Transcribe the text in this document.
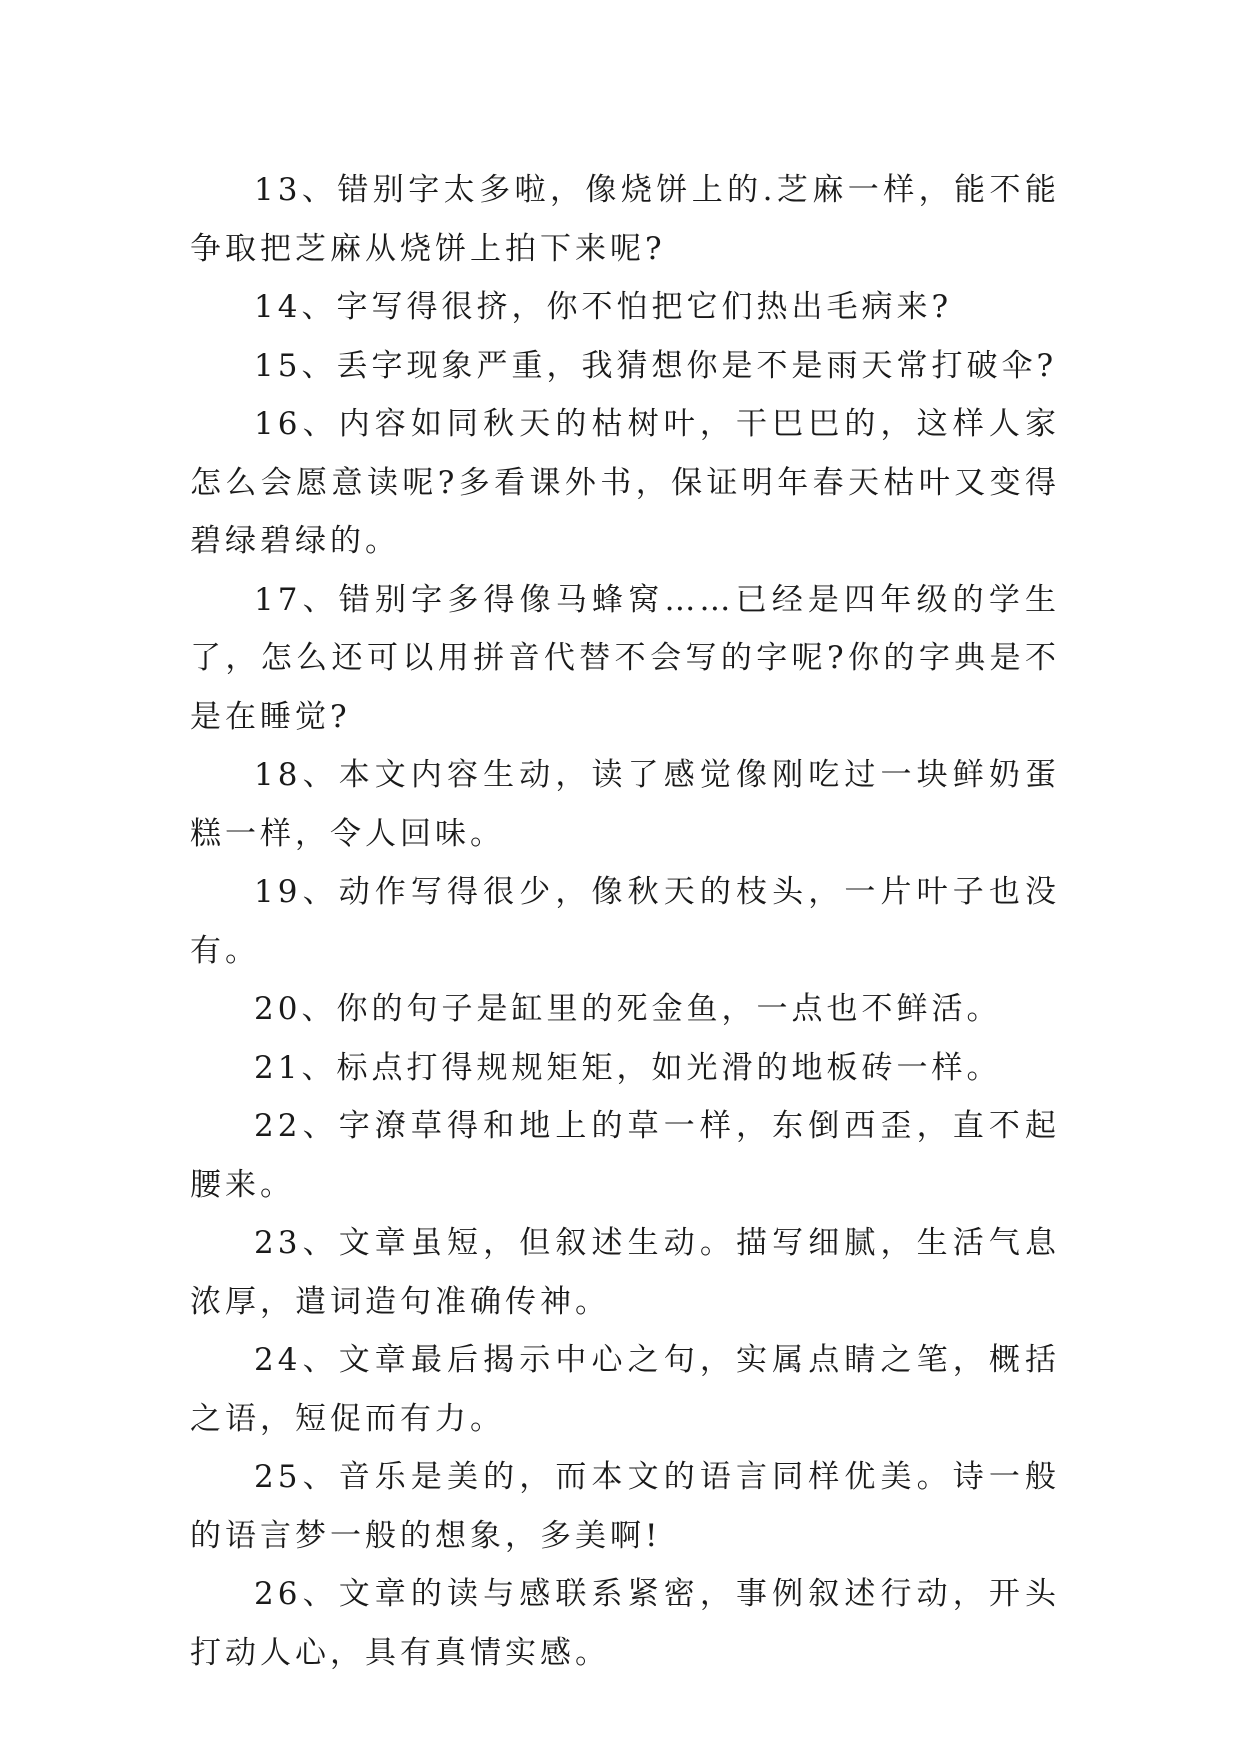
13、错别字太多啦，像烧饼上的.芝麻一样，能不能争取把芝麻从烧饼上拍下来呢?

14、字写得很挤，你不怕把它们热出毛病来?

15、丢字现象严重，我猜想你是不是雨天常打破伞?

16、内容如同秋天的枯树叶，干巴巴的，这样人家怎么会愿意读呢?多看课外书，保证明年春天枯叶又变得碧绿碧绿的。

17、错别字多得像马蜂窝……已经是四年级的学生了，怎么还可以用拼音代替不会写的字呢?你的字典是不是在睡觉?

18、本文内容生动，读了感觉像刚吃过一块鲜奶蛋糕一样，令人回味。

19、动作写得很少，像秋天的枝头，一片叶子也没有。

20、你的句子是缸里的死金鱼，一点也不鲜活。

21、标点打得规规矩矩，如光滑的地板砖一样。

22、字潦草得和地上的草一样，东倒西歪，直不起腰来。

23、文章虽短，但叙述生动。描写细腻，生活气息浓厚，遣词造句准确传神。

24、文章最后揭示中心之句，实属点睛之笔，概括之语，短促而有力。

25、音乐是美的，而本文的语言同样优美。诗一般的语言梦一般的想象，多美啊!

26、文章的读与感联系紧密，事例叙述行动，开头打动人心，具有真情实感。
